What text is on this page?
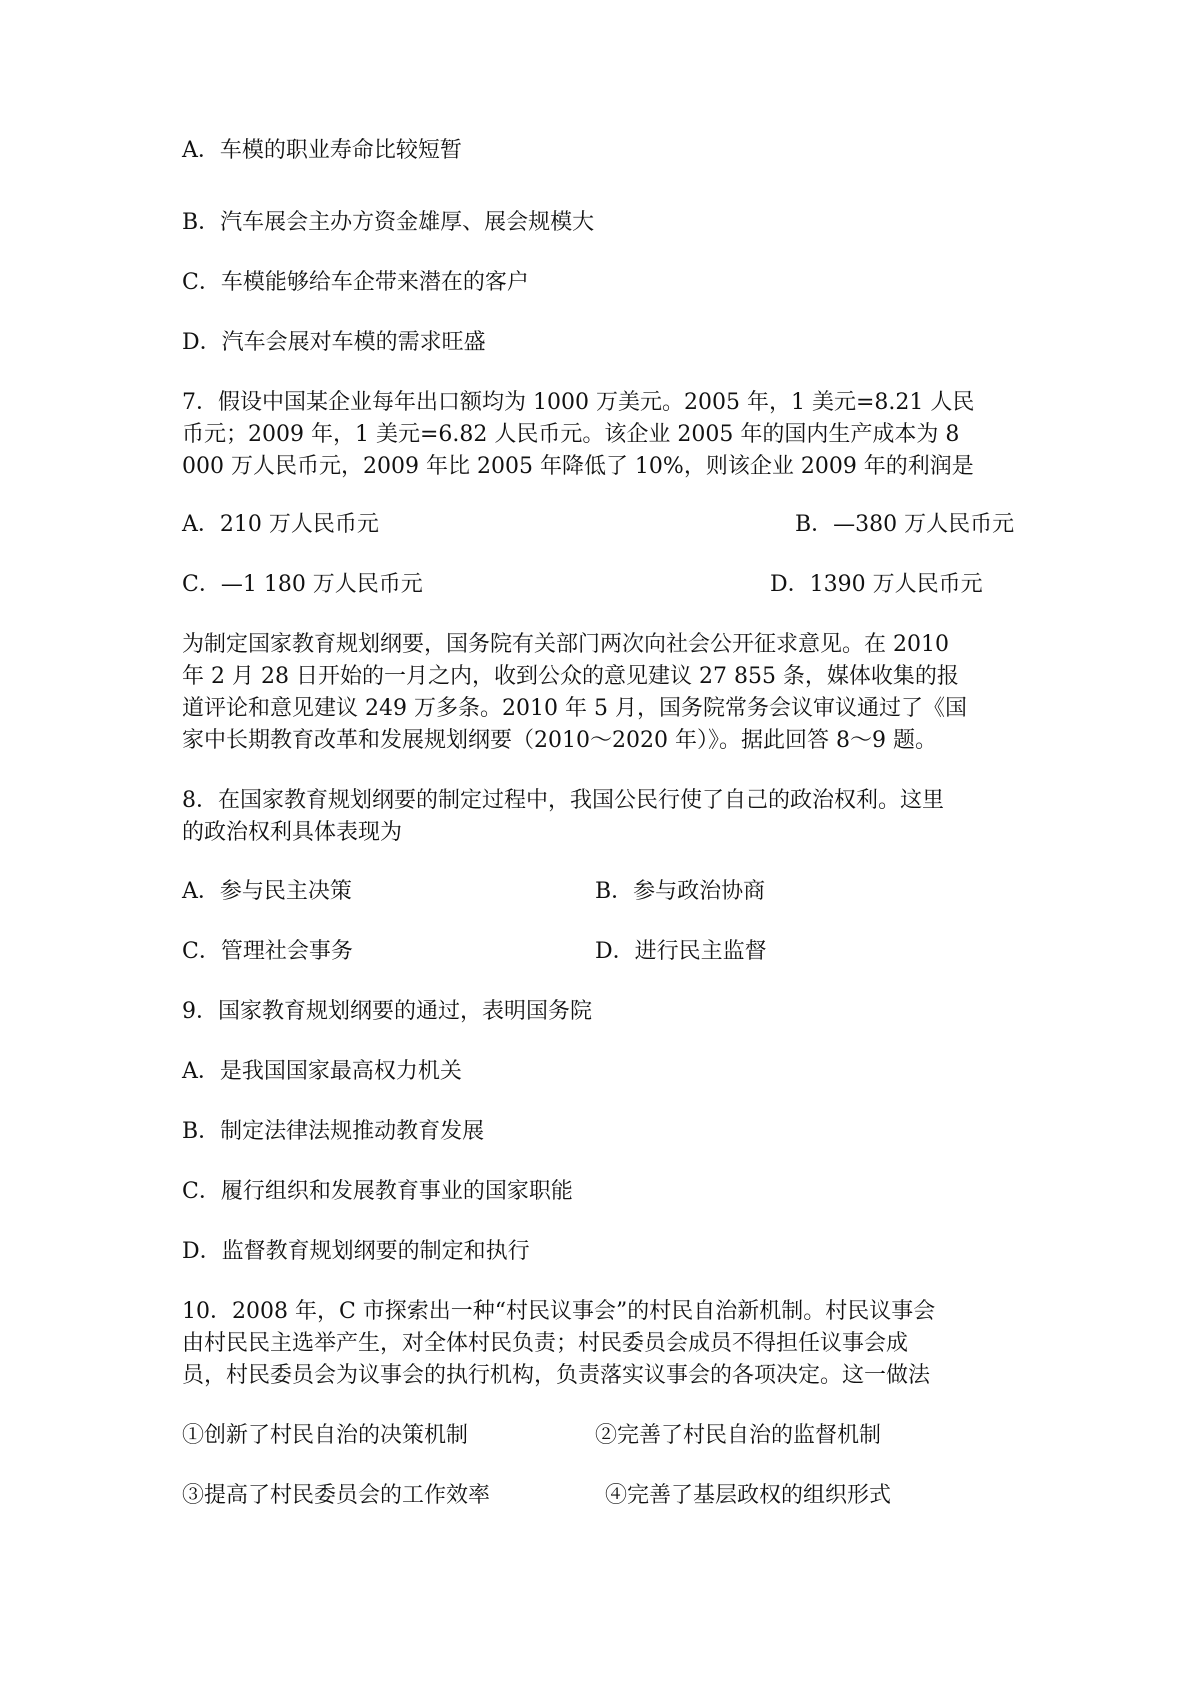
A．车模的职业寿命比较短暂
B．汽车展会主办方资金雄厚、展会规模大
C．车模能够给车企带来潜在的客户
D．汽车会展对车模的需求旺盛
7．假设中国某企业每年出口额均为 1000 万美元。2005 年，1 美元=8.21 人民
币元；2009 年，1 美元=6.82 人民币元。该企业 2005 年的国内生产成本为 8
000 万人民币元，2009 年比 2005 年降低了 10%，则该企业 2009 年的利润是
A．210 万人民币元	B．—380 万人民币元
C．—1 180 万人民币元	D．1390 万人民币元
为制定国家教育规划纲要，国务院有关部门两次向社会公开征求意见。在 2010
年 2 月 28 日开始的一月之内，收到公众的意见建议 27 855 条，媒体收集的报
道评论和意见建议 249 万多条。2010 年 5 月，国务院常务会议审议通过了《国
家中长期教育改革和发展规划纲要（2010～2020 年）》。据此回答 8～9 题。
8．在国家教育规划纲要的制定过程中，我国公民行使了自己的政治权利。这里
的政治权利具体表现为
A．参与民主决策	B．参与政治协商
C．管理社会事务	D．进行民主监督
9．国家教育规划纲要的通过，表明国务院
A．是我国国家最高权力机关
B．制定法律法规推动教育发展
C．履行组织和发展教育事业的国家职能
D．监督教育规划纲要的制定和执行
10．2008 年，C 市探索出一种“村民议事会”的村民自治新机制。村民议事会
由村民民主选举产生，对全体村民负责；村民委员会成员不得担任议事会成
员，村民委员会为议事会的执行机构，负责落实议事会的各项决定。这一做法
①创新了村民自治的决策机制	②完善了村民自治的监督机制
③提高了村民委员会的工作效率	④完善了基层政权的组织形式
